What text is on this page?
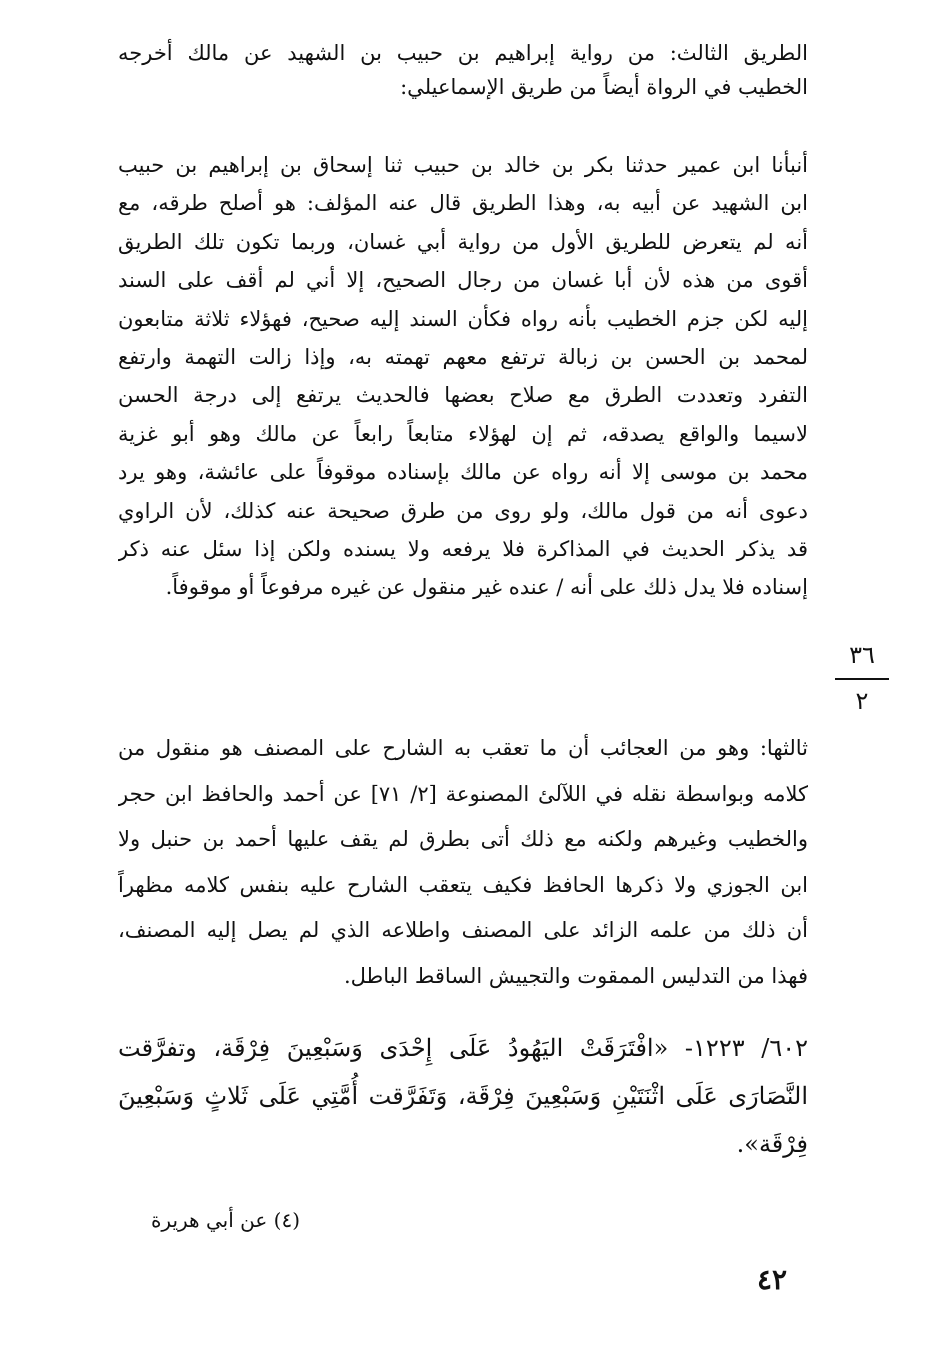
الطريق الثالث: من رواية إبراهيم بن حبيب بن الشهيد عن مالك أخرجه
الخطيب في الرواة أيضاً من طريق الإسماعيلي:
أنبأنا ابن عمير حدثنا بكر بن خالد بن حبيب ثنا إسحاق بن إبراهيم بن حبيب
ابن الشهيد عن أبيه به، وهذا الطريق قال عنه المؤلف: هو أصلح طرقه، مع
أنه لم يتعرض للطريق الأول من رواية أبي غسان، وربما تكون تلك الطريق
أقوى من هذه لأن أبا غسان من رجال الصحيح، إلا أني لم أقف على السند
إليه لكن جزم الخطيب بأنه رواه فكأن السند إليه صحيح، فهؤلاء ثلاثة متابعون
لمحمد بن الحسن بن زبالة ترتفع معهم تهمته به، وإذا زالت التهمة وارتفع
التفرد وتعددت الطرق مع صلاح بعضها فالحديث يرتفع إلى درجة الحسن
لاسيما والواقع يصدقه، ثم إن لهؤلاء متابعاً رابعاً عن مالك وهو أبو غزية
محمد بن موسى إلا أنه رواه عن مالك بإسناده موقوفاً على عائشة، وهو يرد
دعوى أنه من قول مالك، ولو روى من طرق صحيحة عنه كذلك، لأن الراوي
قد يذكر الحديث في المذاكرة فلا يرفعه ولا يسنده ولكن إذا سئل عنه ذكر
إسناده فلا يدل ذلك على أنه / عنده غير منقول عن غيره مرفوعاً أو موقوفاً.
٣٦
٢
ثالثها: وهو من العجائب أن ما تعقب به الشارح على المصنف هو منقول من
كلامه وبواسطة نقله في اللآلئ المصنوعة [٢/ ٧١] عن أحمد والحافظ ابن حجر
والخطيب وغيرهم ولكنه مع ذلك أتى بطرق لم يقف عليها أحمد بن حنبل ولا
ابن الجوزي ولا ذكرها الحافظ فكيف يتعقب الشارح عليه بنفس كلامه مظهراً
أن ذلك من علمه الزائد على المصنف واطلاعه الذي لم يصل إليه المصنف،
فهذا من التدليس الممقوت والتجييش الساقط الباطل.
٦٠٢/ ١٢٢٣- «افْتَرَقَتْ اليَهُودُ عَلَى إِحْدَى وَسَبْعِينَ فِرْقَة، وتفرَّقت
النَّصَارَى عَلَى اثْنَتَيْنِ وَسَبْعِينَ فِرْقَة، وَتَفَرَّقت أُمَّتِي عَلَى ثَلاثٍ وَسَبْعِينَ
فِرْقَة».
(٤) عن أبي هريرة
٤٢
